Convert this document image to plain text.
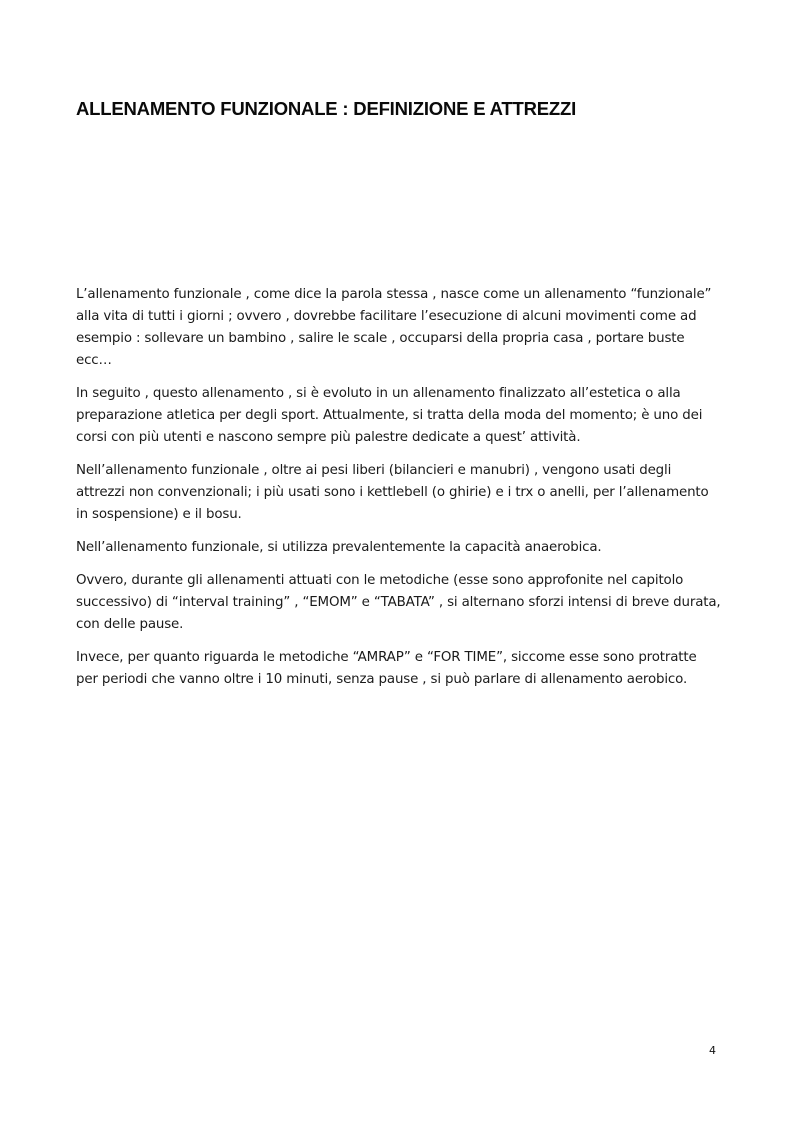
ALLENAMENTO FUNZIONALE : DEFINIZIONE E ATTREZZI

L’allenamento funzionale , come dice la parola stessa , nasce come un allenamento “funzionale” alla vita di tutti i giorni ; ovvero , dovrebbe facilitare l’esecuzione di alcuni movimenti come ad esempio : sollevare un bambino , salire le scale , occuparsi della propria casa , portare buste ecc…

In seguito , questo allenamento , si è evoluto in un allenamento finalizzato all’estetica o alla preparazione atletica per degli sport. Attualmente, si tratta della moda del momento; è uno dei corsi con più utenti e nascono sempre più palestre dedicate a quest’ attività.

Nell’allenamento funzionale , oltre ai pesi liberi (bilancieri e manubri) , vengono usati degli attrezzi non convenzionali; i più usati sono i kettlebell (o ghirie) e i trx o anelli, per l’allenamento in sospensione) e il bosu.

Nell’allenamento funzionale, si utilizza prevalentemente la capacità anaerobica.

Ovvero, durante gli allenamenti attuati con le metodiche (esse sono approfonite nel capitolo successivo) di “interval training” , “EMOM” e “TABATA” , si alternano sforzi intensi di breve durata, con delle pause.

Invece, per quanto riguarda le metodiche “AMRAP” e “FOR TIME”, siccome esse sono protratte per periodi che vanno oltre i 10 minuti, senza pause , si può parlare di allenamento aerobico.

4
